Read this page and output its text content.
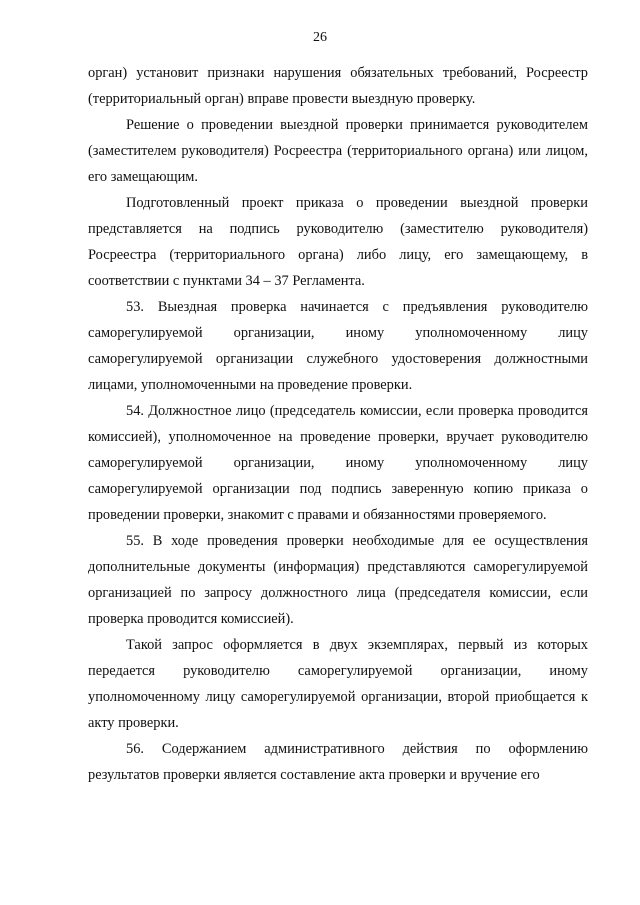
26

орган) установит признаки нарушения обязательных требований, Росреестр (территориальный орган) вправе провести выездную проверку.

Решение о проведении выездной проверки принимается руководителем (заместителем руководителя) Росреестра (территориального органа) или лицом, его замещающим.

Подготовленный проект приказа о проведении выездной проверки представляется на подпись руководителю (заместителю руководителя) Росреестра (территориального органа) либо лицу, его замещающему, в соответствии с пунктами 34 – 37 Регламента.

53. Выездная проверка начинается с предъявления руководителю саморегулируемой организации, иному уполномоченному лицу саморегулируемой организации служебного удостоверения должностными лицами, уполномоченными на проведение проверки.

54. Должностное лицо (председатель комиссии, если проверка проводится комиссией), уполномоченное на проведение проверки, вручает руководителю саморегулируемой организации, иному уполномоченному лицу саморегулируемой организации под подпись заверенную копию приказа о проведении проверки, знакомит с правами и обязанностями проверяемого.

55. В ходе проведения проверки необходимые для ее осуществления дополнительные документы (информация) представляются саморегулируемой организацией по запросу должностного лица (председателя комиссии, если проверка проводится комиссией).

Такой запрос оформляется в двух экземплярах, первый из которых передается руководителю саморегулируемой организации, иному уполномоченному лицу саморегулируемой организации, второй приобщается к акту проверки.

56. Содержанием административного действия по оформлению результатов проверки является составление акта проверки и вручение его
